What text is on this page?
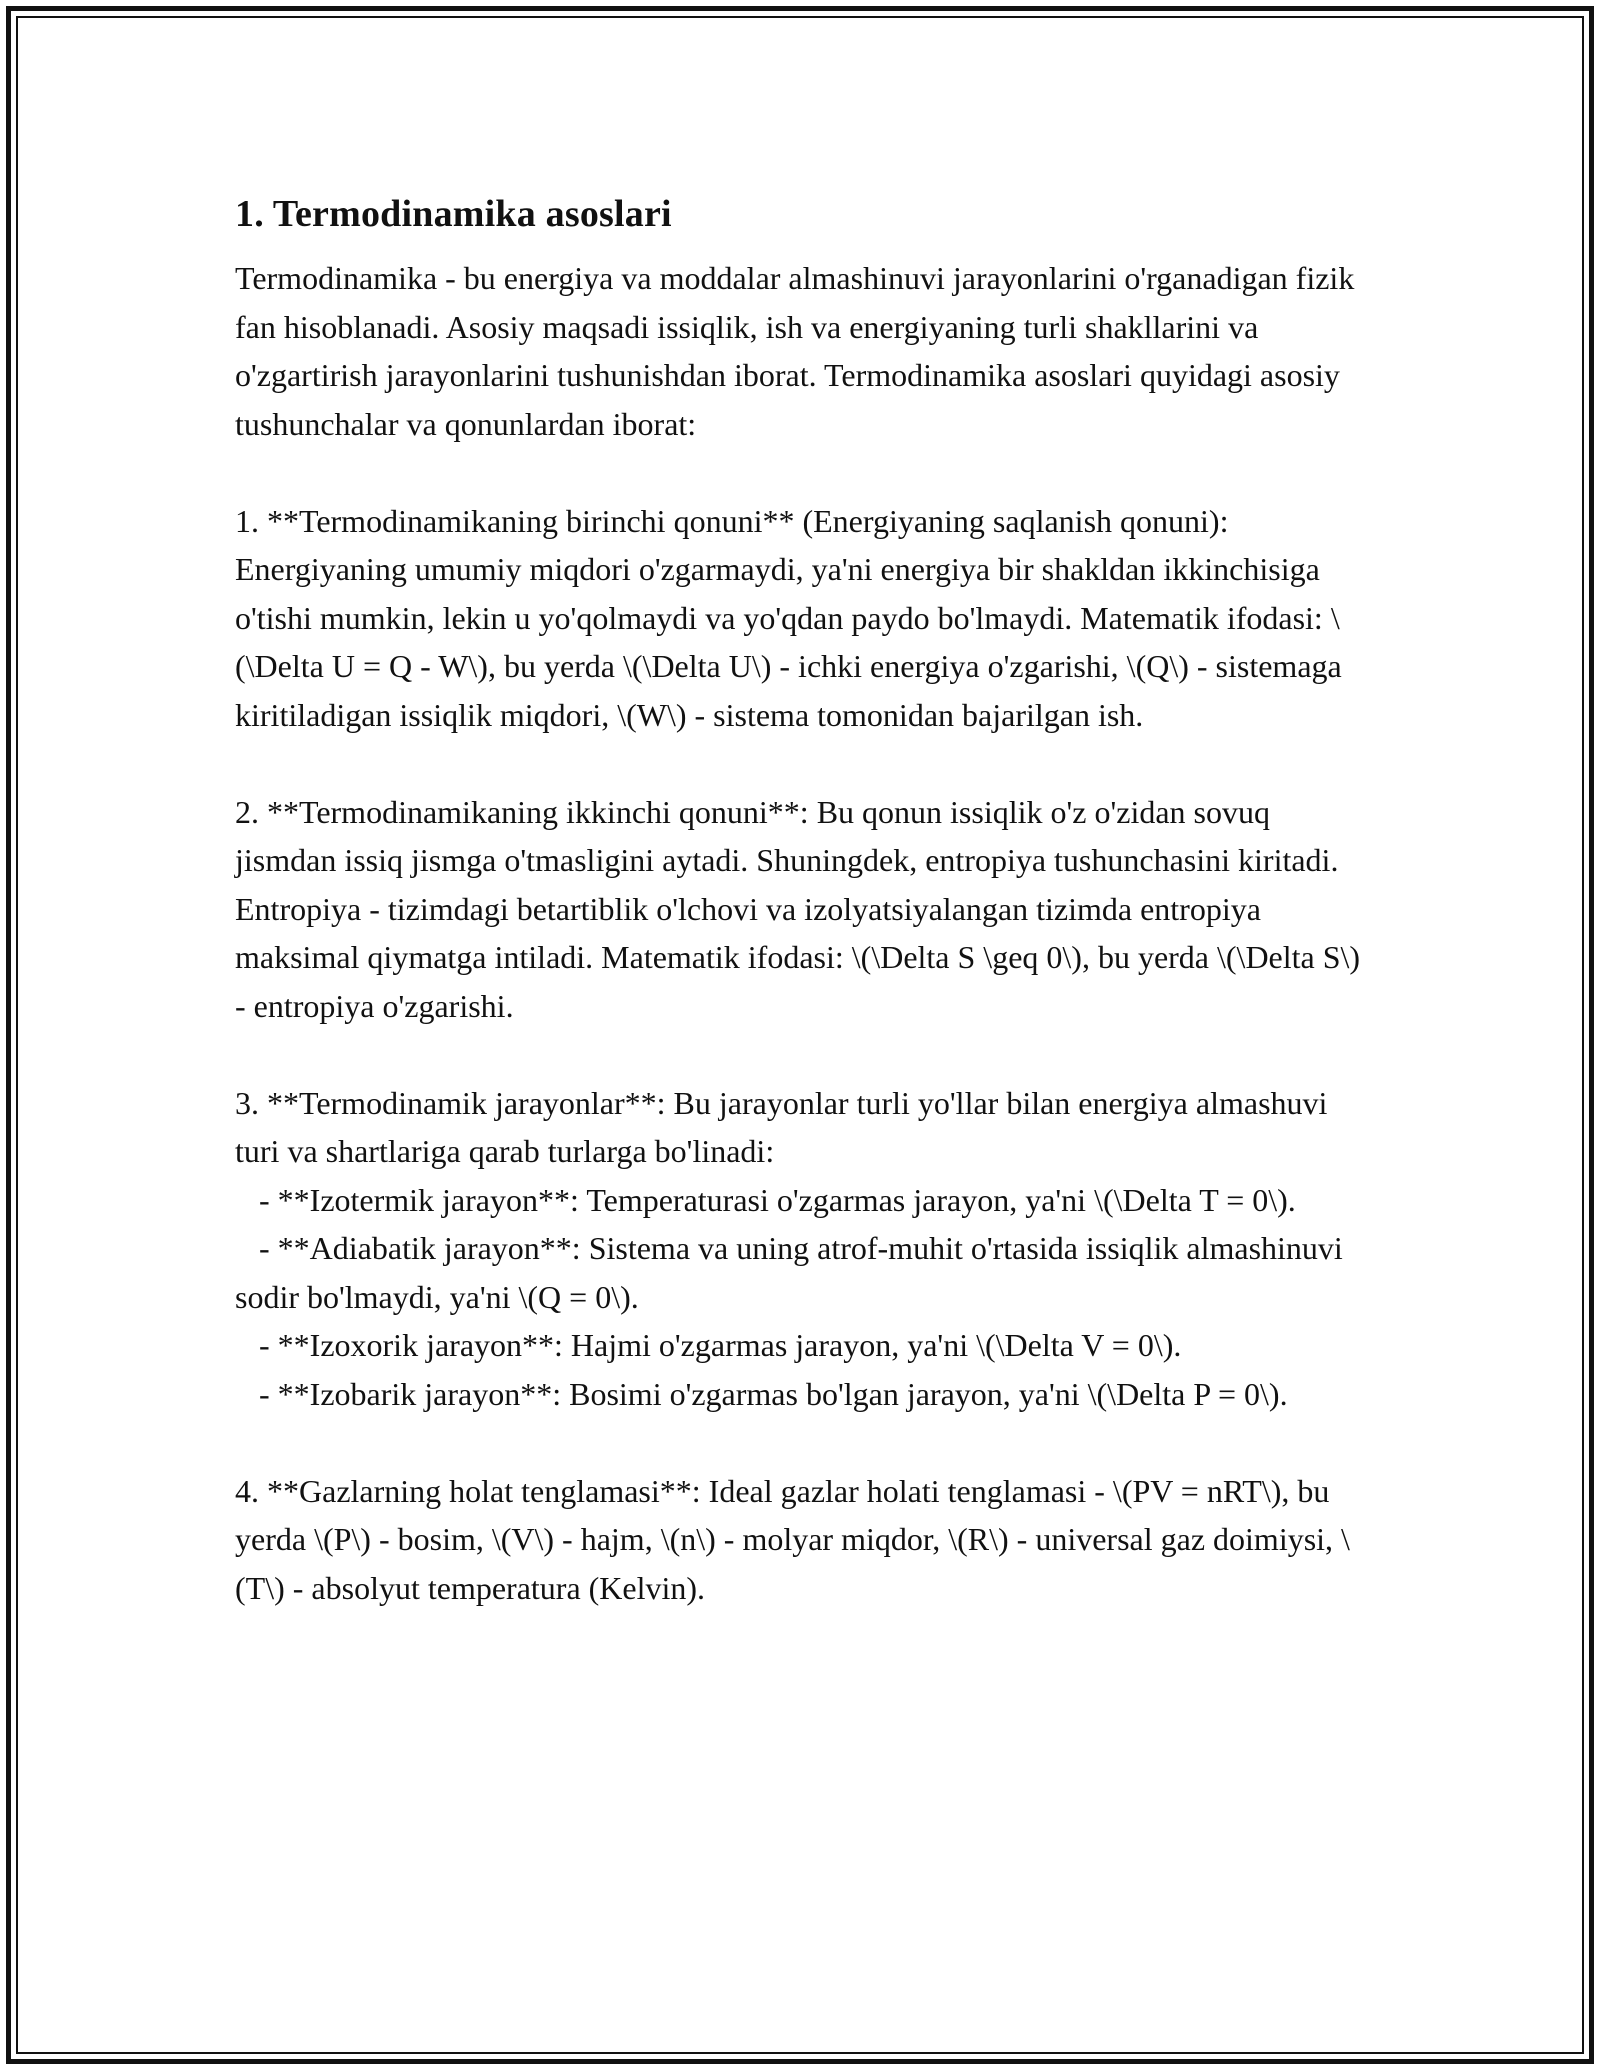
1. Termodinamika asoslari
Termodinamika - bu energiya va moddalar almashinuvi jarayonlarini o'rganadigan fizik fan hisoblanadi. Asosiy maqsadi issiqlik, ish va energiyaning turli shakllarini va o'zgartirish jarayonlarini tushunishdan iborat. Termodinamika asoslari quyidagi asosiy tushunchalar va qonunlardan iborat:

1. **Termodinamikaning birinchi qonuni** (Energiyaning saqlanish qonuni): Energiyaning umumiy miqdori o'zgarmaydi, ya'ni energiya bir shakldan ikkinchisiga o'tishi mumkin, lekin u yo'qolmaydi va yo'qdan paydo bo'lmaydi. Matematik ifodasi: \(\Delta U = Q - W\), bu yerda \(\Delta U\) - ichki energiya o'zgarishi, \(Q\) - sistemaga kiritiladigan issiqlik miqdori, \(W\) - sistema tomonidan bajarilgan ish.

2. **Termodinamikaning ikkinchi qonuni**: Bu qonun issiqlik o'z o'zidan sovuq jismdan issiq jismga o'tmasligini aytadi. Shuningdek, entropiya tushunchasini kiritadi. Entropiya - tizimdagi betartiblik o'lchovi va izolyatsiyalangan tizimda entropiya maksimal qiymatga intiladi. Matematik ifodasi: \(\Delta S \geq 0\), bu yerda \(\Delta S\) - entropiya o'zgarishi.

3. **Termodinamik jarayonlar**: Bu jarayonlar turli yo'llar bilan energiya almashuvi turi va shartlariga qarab turlarga bo'linadi:
- **Izotermik jarayon**: Temperaturasi o'zgarmas jarayon, ya'ni \(\Delta T = 0\).
- **Adiabatik jarayon**: Sistema va uning atrof-muhit o'rtasida issiqlik almashinuvi sodir bo'lmaydi, ya'ni \(Q = 0\).
- **Izoxorik jarayon**: Hajmi o'zgarmas jarayon, ya'ni \(\Delta V = 0\).
- **Izobarik jarayon**: Bosimi o'zgarmas bo'lgan jarayon, ya'ni \(\Delta P = 0\).

4. **Gazlarning holat tenglamasi**: Ideal gazlar holati tenglamasi - \(PV = nRT\), bu yerda \(P\) - bosim, \(V\) - hajm, \(n\) - molyar miqdor, \(R\) - universal gaz doimiysi, \(T\) - absolyut temperatura (Kelvin).
